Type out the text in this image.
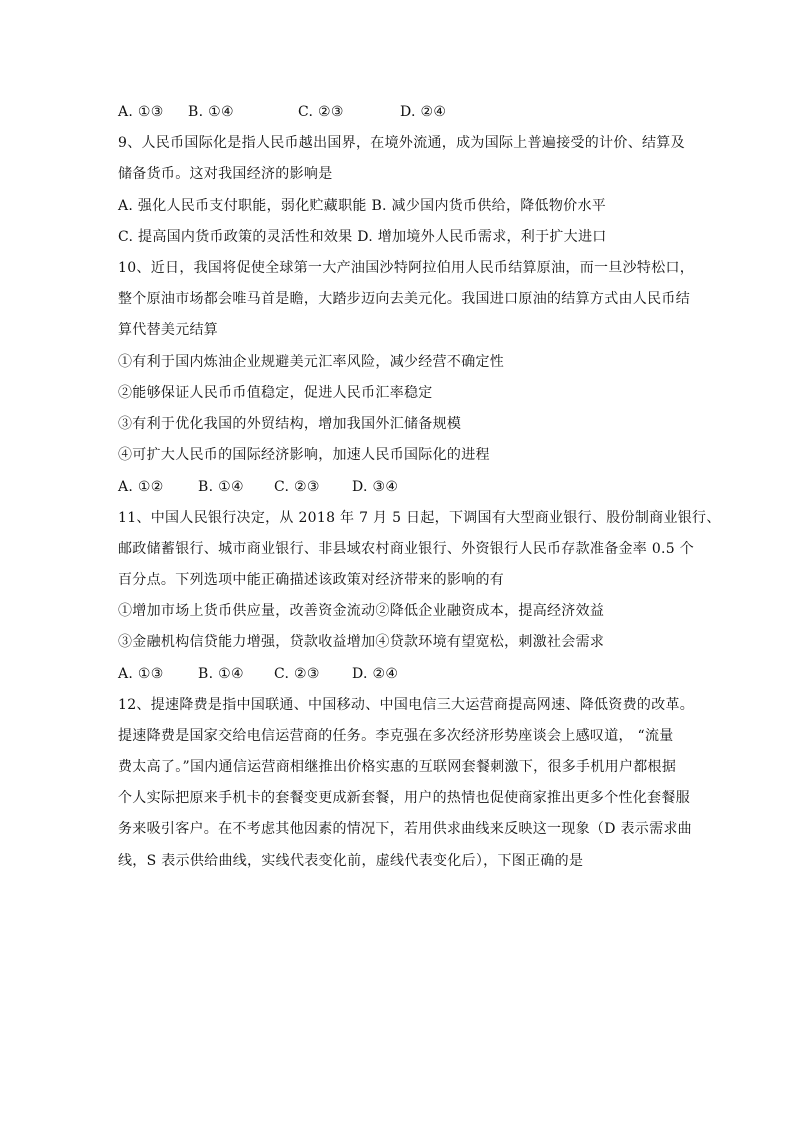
A. ①③ B. ①④	C. ②③	D. ②④
9、人民币国际化是指人民币越出国界，在境外流通，成为国际上普遍接受的计价、结算及
储备货币。这对我国经济的影响是
A. 强化人民币支付职能，弱化贮藏职能 B. 减少国内货币供给，降低物价水平
C. 提高国内货币政策的灵活性和效果 D. 增加境外人民币需求，利于扩大进口
10、近日，我国将促使全球第一大产油国沙特阿拉伯用人民币结算原油，而一旦沙特松口，
整个原油市场都会唯马首是瞻，大踏步迈向去美元化。我国进口原油的结算方式由人民币结
算代替美元结算
①有利于国内炼油企业规避美元汇率风险，减少经营不确定性
②能够保证人民币币值稳定，促进人民币汇率稳定
③有利于优化我国的外贸结构，增加我国外汇储备规模
④可扩大人民币的国际经济影响，加速人民币国际化的进程
A. ①② B. ①④ C. ②③ D. ③④
11、中国人民银行决定，从 2018 年 7 月 5 日起，下调国有大型商业银行、股份制商业银行、
邮政储蓄银行、城市商业银行、非县域农村商业银行、外资银行人民币存款准备金率 0.5 个
百分点。下列选项中能正确描述该政策对经济带来的影响的有
①增加市场上货币供应量，改善资金流动②降低企业融资成本，提高经济效益
③金融机构信贷能力增强，贷款收益增加④贷款环境有望宽松，刺激社会需求
A. ①③ B. ①④ C. ②③ D. ②④
12、提速降费是指中国联通、中国移动、中国电信三大运营商提高网速、降低资费的改革。
提速降费是国家交给电信运营商的任务。李克强在多次经济形势座谈会上感叹道， “流量
费太高了。”国内通信运营商相继推出价格实惠的互联网套餐刺激下，很多手机用户都根据
个人实际把原来手机卡的套餐变更成新套餐，用户的热情也促使商家推出更多个性化套餐服
务来吸引客户。在不考虑其他因素的情况下，若用供求曲线来反映这一现象（D 表示需求曲
线，S 表示供给曲线，实线代表变化前，虚线代表变化后），下图正确的是
